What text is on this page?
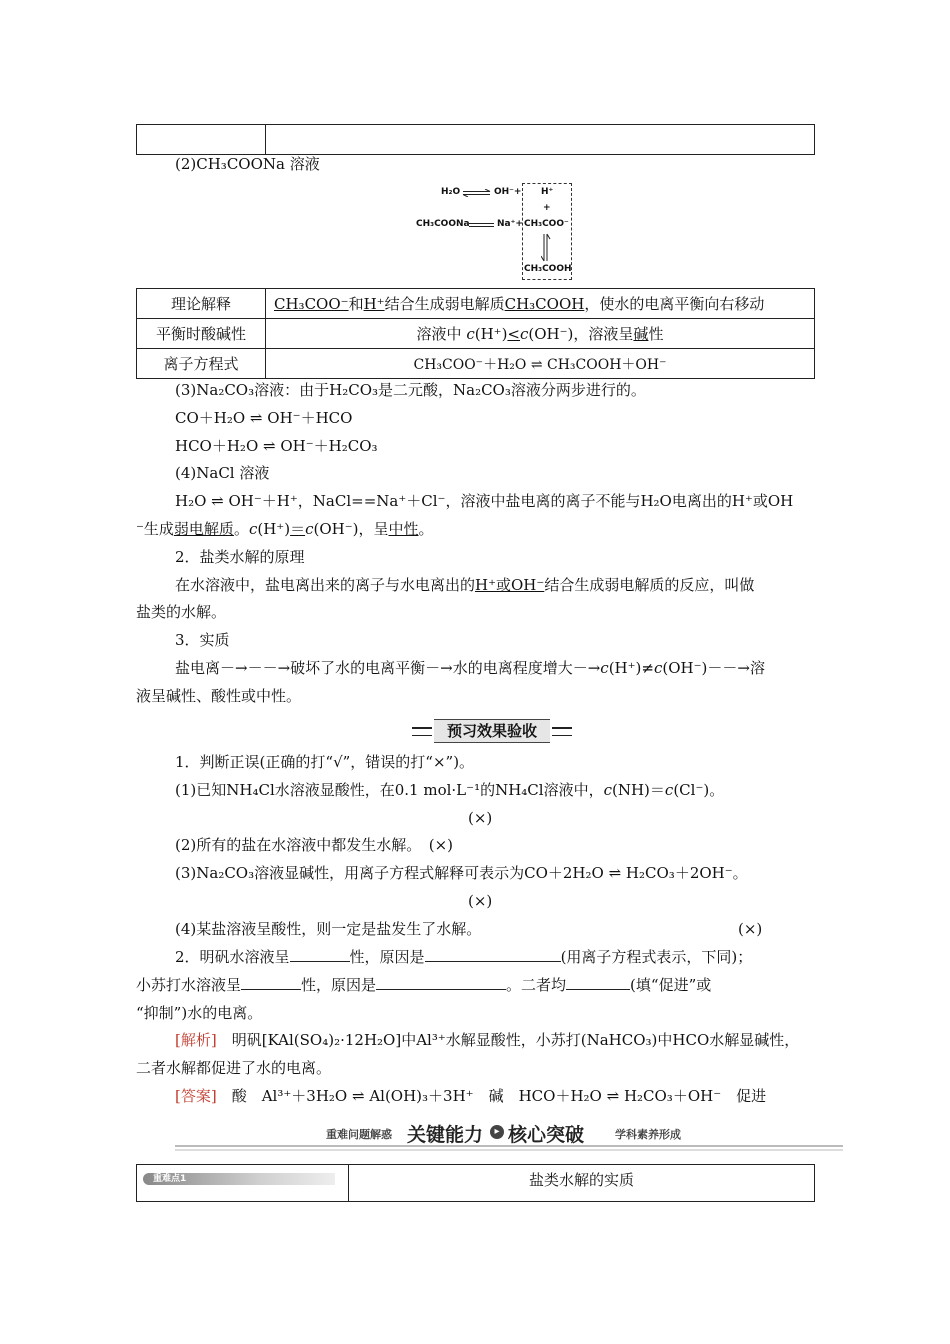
(2)CH₃COONa 溶液
H₂O ⇌ OH⁻+ H⁺
+
CH₃COONa	Na⁺+ CH₃COO⁻
CH₃COOH
理论解释	CH₃COO⁻和H⁺结合生成弱电解质CH₃COOH，使水的电离平衡向右移动
平衡时酸碱性	溶液中 c(H⁺)<c(OH⁻)，溶液呈碱性
离子方程式	CH₃COO⁻＋H₂O ⇌ CH₃COOH＋OH⁻
(3)Na₂CO₃溶液：由于H₂CO₃是二元酸，Na₂CO₃溶液分两步进行的。
CO＋H₂O ⇌ OH⁻＋HCO
HCO＋H₂O ⇌ OH⁻＋H₂CO₃
(4)NaCl 溶液
H₂O ⇌ OH⁻＋H⁺，NaCl==Na⁺＋Cl⁻，溶液中盐电离的离子不能与H₂O电离出的H⁺或OH
⁻生成弱电解质。c(H⁺)＝c(OH⁻)，呈中性。
2．盐类水解的原理
在水溶液中，盐电离出来的离子与水电离出的H⁺或OH⁻结合生成弱电解质的反应，叫做
盐类的水解。
3．实质
盐电离－→－－→破坏了水的电离平衡－→水的电离程度增大－→c(H⁺)≠c(OH⁻)－－→溶
液呈碱性、酸性或中性。
预习效果验收
1．判断正误(正确的打“√”，错误的打“×”)。
(1)已知NH₄Cl水溶液显酸性，在0.1 mol·L⁻¹的NH₄Cl溶液中，c(NH)＝c(Cl⁻)。
(×)
(2)所有的盐在水溶液中都发生水解。　(×)
(3)Na₂CO₃溶液显碱性，用离子方程式解释可表示为CO＋2H₂O ⇌ H₂CO₃＋2OH⁻。
(×)
(4)某盐溶液呈酸性，则一定是盐发生了水解。	(×)
2．明矾水溶液呈	性，原因是	(用离子方程式表示，下同)；
小苏打水溶液呈	性，原因是	。二者均	(填“促进”或
“抑制”)水的电离。
[解析]　明矾[KAl(SO₄)₂·12H₂O]中Al³⁺水解显酸性，小苏打(NaHCO₃)中HCO水解显碱性，
二者水解都促进了水的电离。
[答案]　酸　Al³⁺＋3H₂O ⇌ Al(OH)₃＋3H⁺　碱　HCO＋H₂O ⇌ H₂CO₃＋OH⁻　促进
重难问题解惑 关键能力	▸ 核心突破	学科素养形成
重难点1	盐类水解的实质
